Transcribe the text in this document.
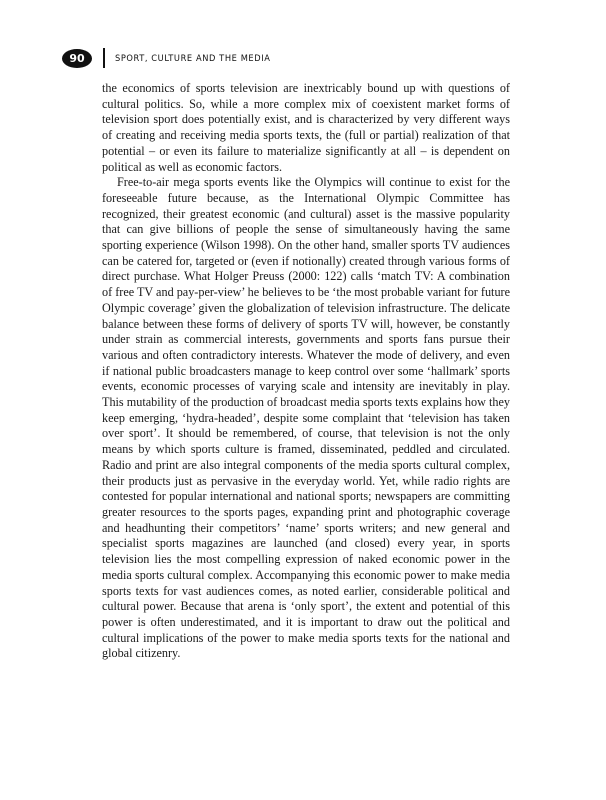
90	SPORT, CULTURE AND THE MEDIA

the economics of sports television are inextricably bound up with questions of cultural politics. So, while a more complex mix of coexistent market forms of television sport does potentially exist, and is characterized by very different ways of creating and receiving media sports texts, the (full or partial) realization of that potential – or even its failure to materialize significantly at all – is dependent on political as well as economic factors.

Free-to-air mega sports events like the Olympics will continue to exist for the foreseeable future because, as the International Olympic Committee has recognized, their greatest economic (and cultural) asset is the massive popularity that can give billions of people the sense of simultaneously having the same sporting experience (Wilson 1998). On the other hand, smaller sports TV audiences can be catered for, targeted or (even if notionally) created through various forms of direct purchase. What Holger Preuss (2000: 122) calls ‘match TV: A combination of free TV and pay-per-view’ he believes to be ‘the most probable variant for future Olympic coverage’ given the globalization of television infrastructure. The delicate balance between these forms of delivery of sports TV will, however, be constantly under strain as commercial interests, governments and sports fans pursue their various and often contradictory interests. Whatever the mode of delivery, and even if national public broadcasters manage to keep control over some ‘hallmark’ sports events, economic processes of varying scale and intensity are inevitably in play. This mutability of the production of broadcast media sports texts explains how they keep emerging, ‘hydra-headed’, despite some complaint that ‘television has taken over sport’. It should be remembered, of course, that television is not the only means by which sports culture is framed, disseminated, peddled and circulated. Radio and print are also integral components of the media sports cultural complex, their products just as pervasive in the everyday world. Yet, while radio rights are contested for popular international and national sports; newspapers are committing greater resources to the sports pages, expanding print and photographic coverage and headhunting their competitors’ ‘name’ sports writers; and new general and specialist sports magazines are launched (and closed) every year, in sports television lies the most compelling expression of naked economic power in the media sports cultural complex. Accompanying this economic power to make media sports texts for vast audiences comes, as noted earlier, considerable political and cultural power. Because that arena is ‘only sport’, the extent and potential of this power is often underestimated, and it is important to draw out the political and cultural implications of the power to make media sports texts for the national and global citizenry.
